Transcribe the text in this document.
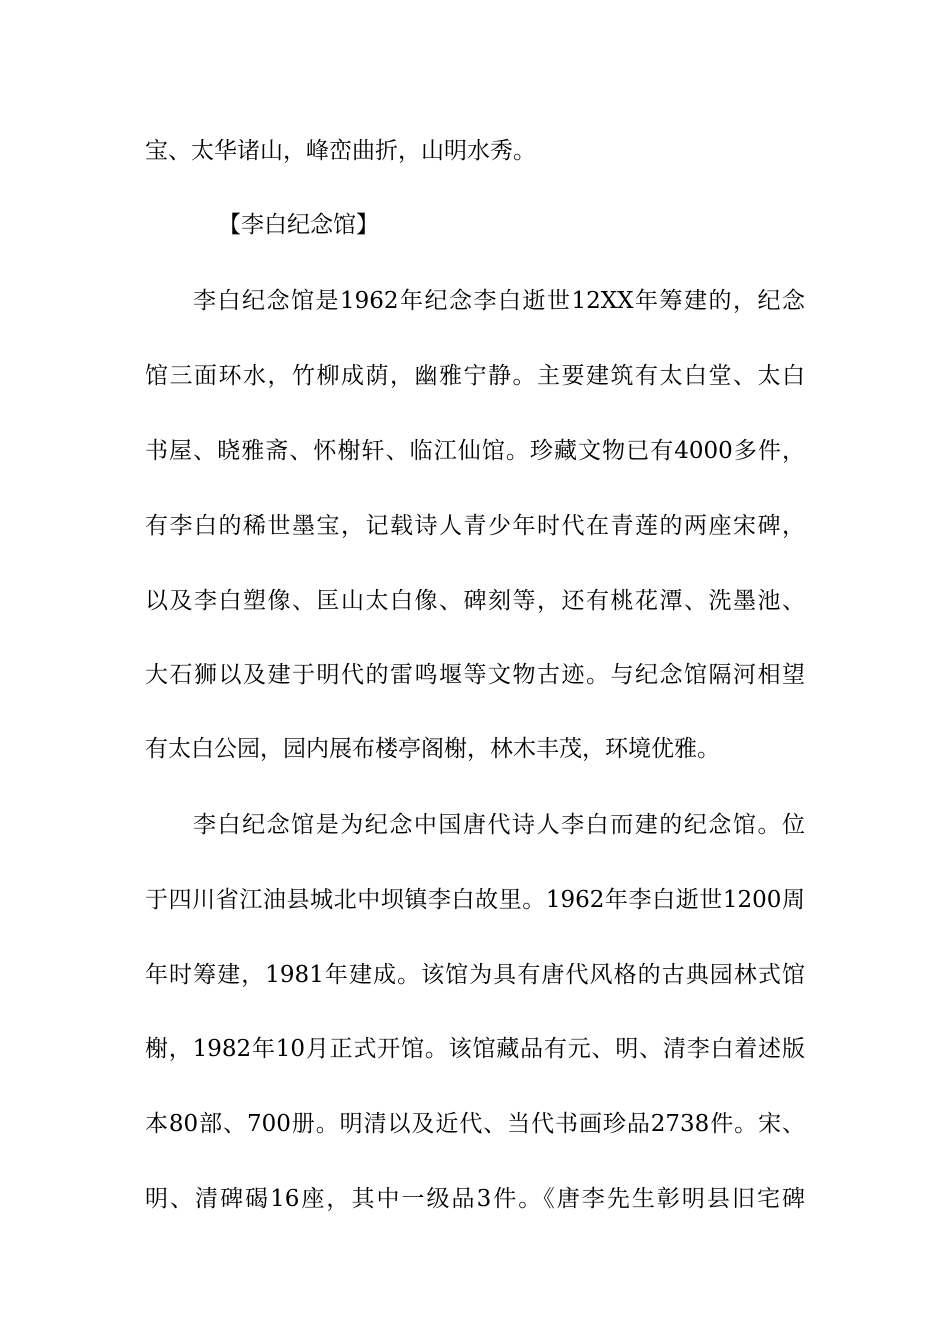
宝、太华诸山，峰峦曲折，山明水秀。

【李白纪念馆】

李白纪念馆是1962年纪念李白逝世12XX年筹建的，纪念

馆三面环水，竹柳成荫，幽雅宁静。主要建筑有太白堂、太白

书屋、晓雅斋、怀榭轩、临江仙馆。珍藏文物已有4000多件，

有李白的稀世墨宝，记载诗人青少年时代在青莲的两座宋碑，

以及李白塑像、匡山太白像、碑刻等，还有桃花潭、洗墨池、

大石狮以及建于明代的雷鸣堰等文物古迹。与纪念馆隔河相望

有太白公园，园内展布楼亭阁榭，林木丰茂，环境优雅。

李白纪念馆是为纪念中国唐代诗人李白而建的纪念馆。位

于四川省江油县城北中坝镇李白故里。1962年李白逝世1200周

年时筹建，1981年建成。该馆为具有唐代风格的古典园林式馆

榭，1982年10月正式开馆。该馆藏品有元、明、清李白着述版

本80部、700册。明清以及近代、当代书画珍品2738件。宋、

明、清碑碣16座，其中一级品3件。《唐李先生彰明县旧宅碑
